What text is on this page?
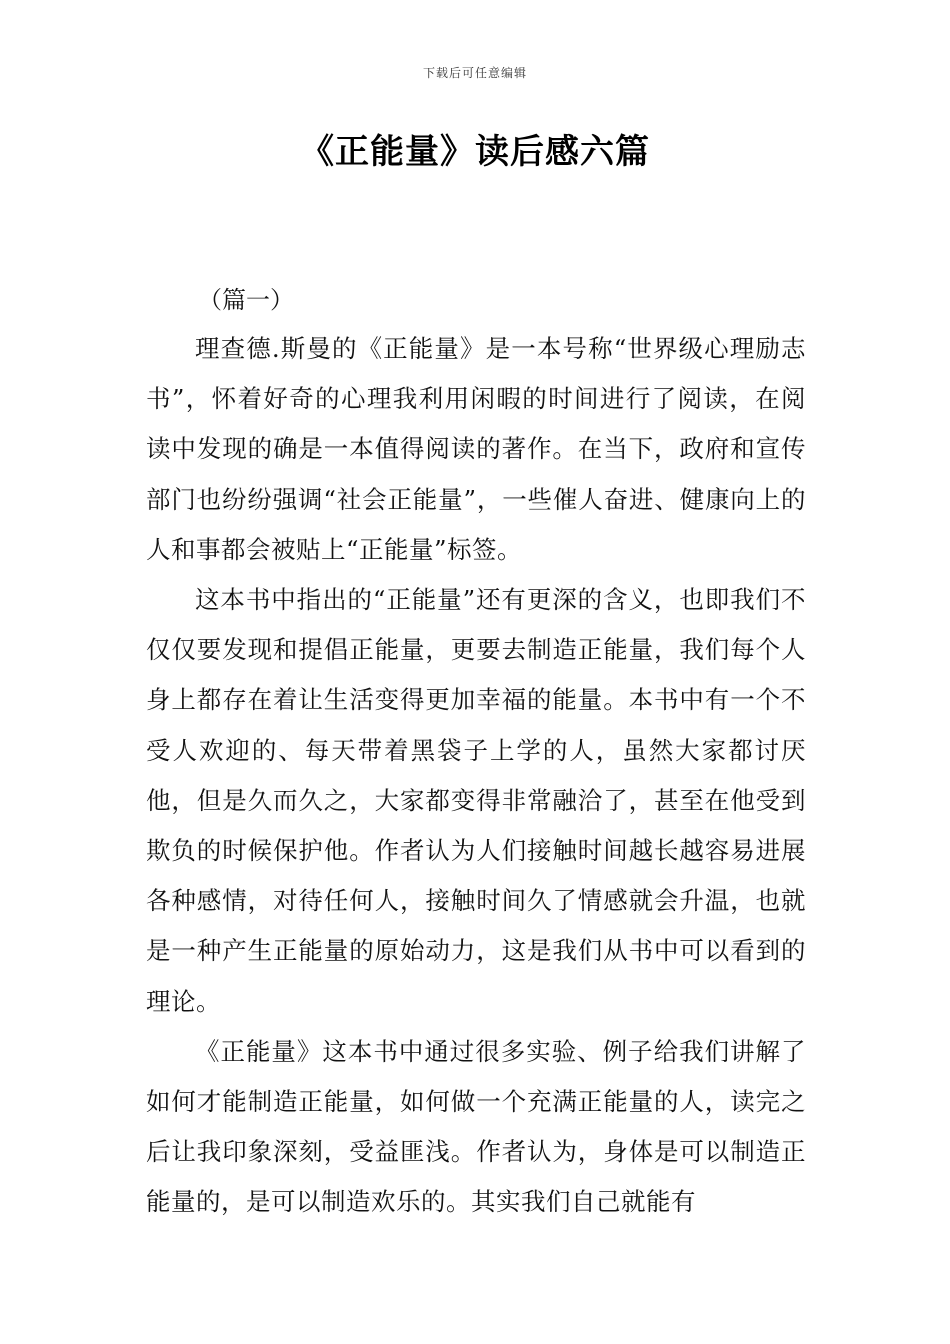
下载后可任意编辑
《正能量》读后感六篇

（篇一）

理查德.斯曼的《正能量》是一本号称“世界级心理励志书”，怀着好奇的心理我利用闲暇的时间进行了阅读，在阅读中发现的确是一本值得阅读的著作。在当下，政府和宣传部门也纷纷强调“社会正能量”，一些催人奋进、健康向上的人和事都会被贴上“正能量”标签。

这本书中指出的“正能量”还有更深的含义，也即我们不仅仅要发现和提倡正能量，更要去制造正能量，我们每个人身上都存在着让生活变得更加幸福的能量。本书中有一个不受人欢迎的、每天带着黑袋子上学的人，虽然大家都讨厌他，但是久而久之，大家都变得非常融洽了，甚至在他受到欺负的时候保护他。作者认为人们接触时间越长越容易进展各种感情，对待任何人，接触时间久了情感就会升温，也就是一种产生正能量的原始动力，这是我们从书中可以看到的理论。

《正能量》这本书中通过很多实验、例子给我们讲解了如何才能制造正能量，如何做一个充满正能量的人，读完之后让我印象深刻，受益匪浅。作者认为，身体是可以制造正能量的，是可以制造欢乐的。其实我们自己就能有
